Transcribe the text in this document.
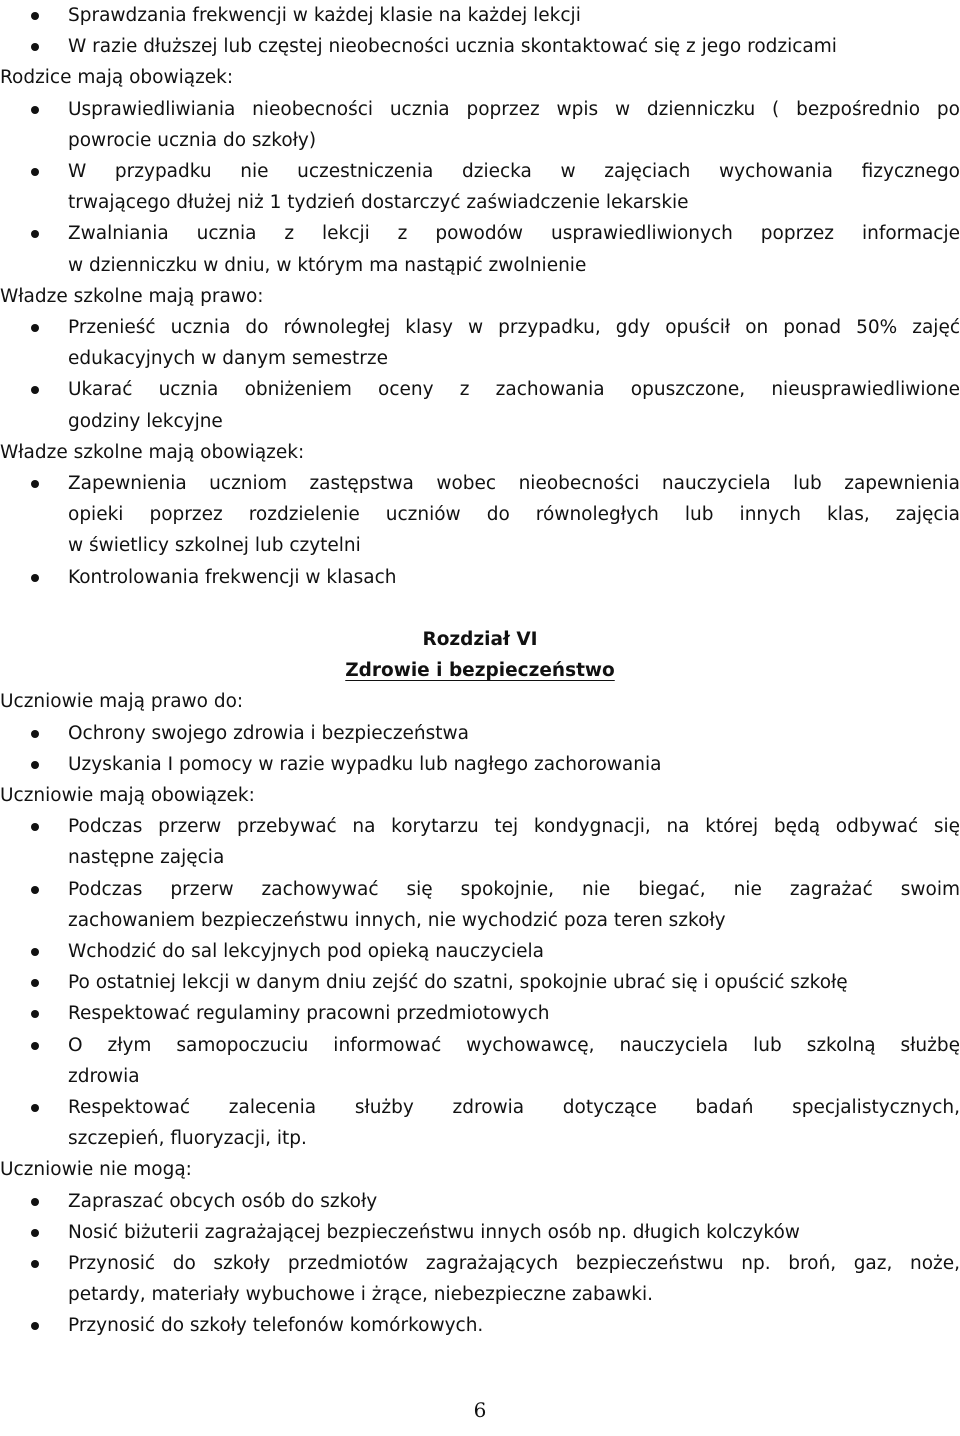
Sprawdzania frekwencji w każdej klasie na każdej lekcji
W razie dłuższej lub częstej nieobecności ucznia skontaktować się z jego rodzicami
Rodzice mają obowiązek:
Usprawiedliwiania nieobecności ucznia poprzez wpis w dzienniczku ( bezpośrednio po
powrocie ucznia do szkoły)
W przypadku nie uczestniczenia dziecka w zajęciach wychowania fizycznego
trwającego dłużej niż 1 tydzień dostarczyć zaświadczenie lekarskie
Zwalniania ucznia z lekcji z powodów usprawiedliwionych poprzez informacje
w dzienniczku w dniu, w którym ma nastąpić zwolnienie
Władze szkolne mają prawo:
Przenieść ucznia do równoległej klasy w przypadku, gdy opuścił on ponad 50% zajęć
edukacyjnych w danym semestrze
Ukarać ucznia obniżeniem oceny z zachowania opuszczone, nieusprawiedliwione
godziny lekcyjne
Władze szkolne mają obowiązek:
Zapewnienia uczniom zastępstwa wobec nieobecności nauczyciela lub zapewnienia
opieki poprzez rozdzielenie uczniów do równoległych lub innych klas, zajęcia
w świetlicy szkolnej lub czytelni
Kontrolowania frekwencji w klasach
Rozdział VI
Zdrowie i bezpieczeństwo
Uczniowie mają prawo do:
Ochrony swojego zdrowia i bezpieczeństwa
Uzyskania I pomocy w razie wypadku lub nagłego zachorowania
Uczniowie mają obowiązek:
Podczas przerw przebywać na korytarzu tej kondygnacji, na której będą odbywać się
następne zajęcia
Podczas przerw zachowywać się spokojnie, nie biegać, nie zagrażać swoim
zachowaniem bezpieczeństwu innych, nie wychodzić poza teren szkoły
Wchodzić do sal lekcyjnych pod opieką nauczyciela
Po ostatniej lekcji w danym dniu zejść do szatni, spokojnie ubrać się i opuścić szkołę
Respektować regulaminy pracowni przedmiotowych
O złym samopoczuciu informować wychowawcę, nauczyciela lub szkolną służbę
zdrowia
Respektować zalecenia służby zdrowia dotyczące badań specjalistycznych,
szczepień, fluoryzacji, itp.
Uczniowie nie mogą:
Zapraszać obcych osób do szkoły
Nosić biżuterii zagrażającej bezpieczeństwu innych osób np. długich kolczyków
Przynosić do szkoły przedmiotów zagrażających bezpieczeństwu np. broń, gaz, noże,
petardy, materiały wybuchowe i żrące, niebezpieczne zabawki.
Przynosić do szkoły telefonów komórkowych.
6
